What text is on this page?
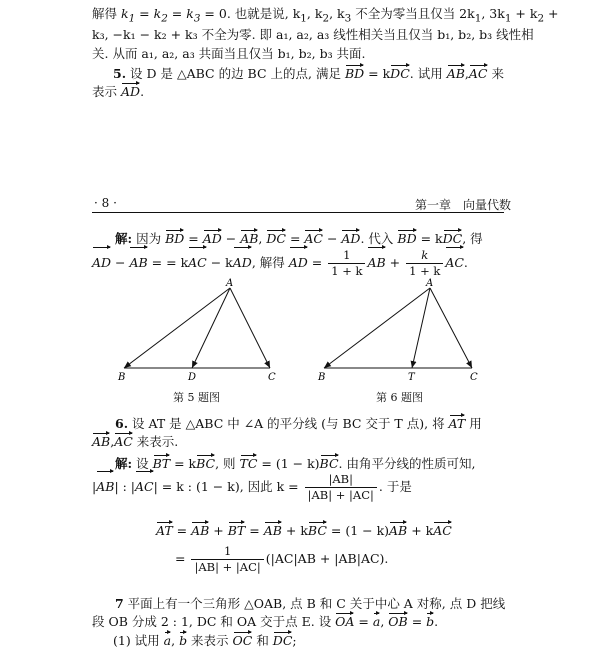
解得 $k_1 = k_2 = k_3 = 0$. 也就是说, $k_1$, $k_2$, $k_3$ 不全为零当且仅当 $2k_1$, $3k_1 + k_2$ +
k₃, −k₁ − k₂ + k₃ 不全为零. 即 a₁, a₂, a₃ 线性相关当且仅当 b₁, b₂, b₃ 线性相
关. 从而 a₁, a₂, a₃ 共面当且仅当 b₁, b₂, b₃ 共面.
5. 设 D 是 △ABC 的边 BC 上的点, 满足 BD = kDC. 试用 AB,AC 来
表示 AD.
· 8 ·	第一章　向量代数
解: 因为 BD = AD − AB, DC = AC − AD. 代入 BD = kDC, 得
AD − AB = = kAC − kAD, 解得 AD = $\frac{1}{1 + k}$ AB + $\frac{k}{1 + k}$ AC.
A
B	D	C
第 5 题图
A
B	T	C
第 6 题图
6. 设 AT 是 △ABC 中 ∠A 的平分线 (与 BC 交于 T 点), 将 AT 用
AB,AC 来表示.
解: 设 BT = kBC, 则 TC = (1 − k)BC. 由角平分线的性质可知,
|AB| : |AC| = k : (1 − k), 因此 $k = \frac{|AB|}{|AB| + |AC|}$ . 于是
AT = AB + BT = AB + kBC = (1 − k)AB + kAC
= $\frac{1}{|AB| + |AC|} (|AC|AB + |AB|AC)$.
7 平面上有一个三角形 △OAB, 点 B 和 C 关于中心 A 对称, 点 D 把线
段 OB 分成 2 : 1, DC 和 OA 交于点 E. 设 OA = a, OB = b.
(1) 试用 a, b 来表示 OC 和 DC;
